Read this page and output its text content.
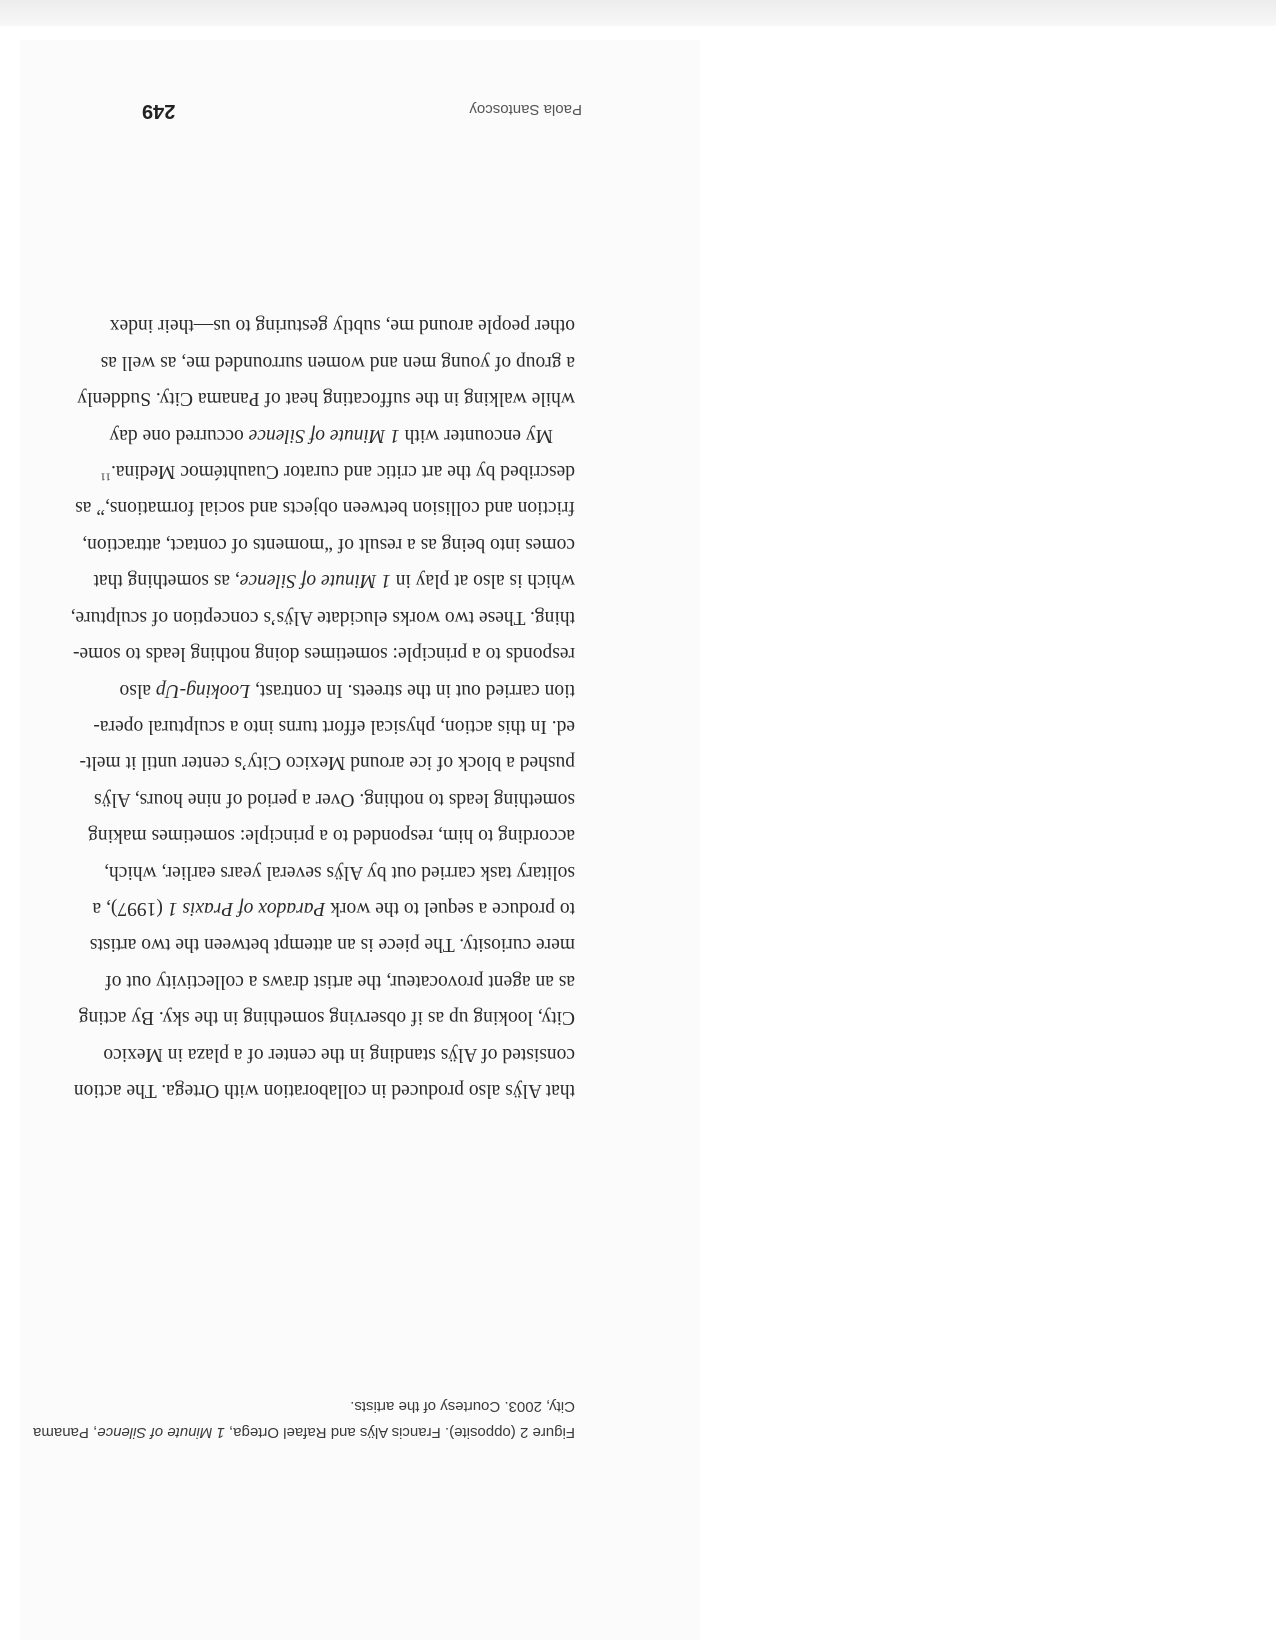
Paola Santoscoy
249
that Alÿs also produced in collaboration with Ortega. The action
consisted of Alÿs standing in the center of a plaza in Mexico
City, looking up as if observing something in the sky. By acting
as an agent provocateur, the artist draws a collectivity out of
mere curiosity. The piece is an attempt between the two artists
to produce a sequel to the work Paradox of Praxis 1 (1997), a
solitary task carried out by Alÿs several years earlier, which,
according to him, responded to a principle: sometimes making
something leads to nothing. Over a period of nine hours, Alÿs
pushed a block of ice around Mexico City’s center until it melt-
ed. In this action, physical effort turns into a sculptural opera-
tion carried out in the streets. In contrast, Looking-Up also
responds to a principle: sometimes doing nothing leads to some-
thing. These two works elucidate Alÿs’s conception of sculpture,
which is also at play in 1 Minute of Silence, as something that
comes into being as a result of “moments of contact, attraction,
friction and collision between objects and social formations,” as
described by the art critic and curator Cuauhtémoc Medina.$^{11}$
My encounter with 1 Minute of Silence occurred one day
while walking in the suffocating heat of Panama City. Suddenly
a group of young men and women surrounded me, as well as
other people around me, subtly gesturing to us—their index
Figure 2 (opposite). Francis Alÿs and Rafael Ortega, 1 Minute of Silence, Panama
City, 2003. Courtesy of the artists.
